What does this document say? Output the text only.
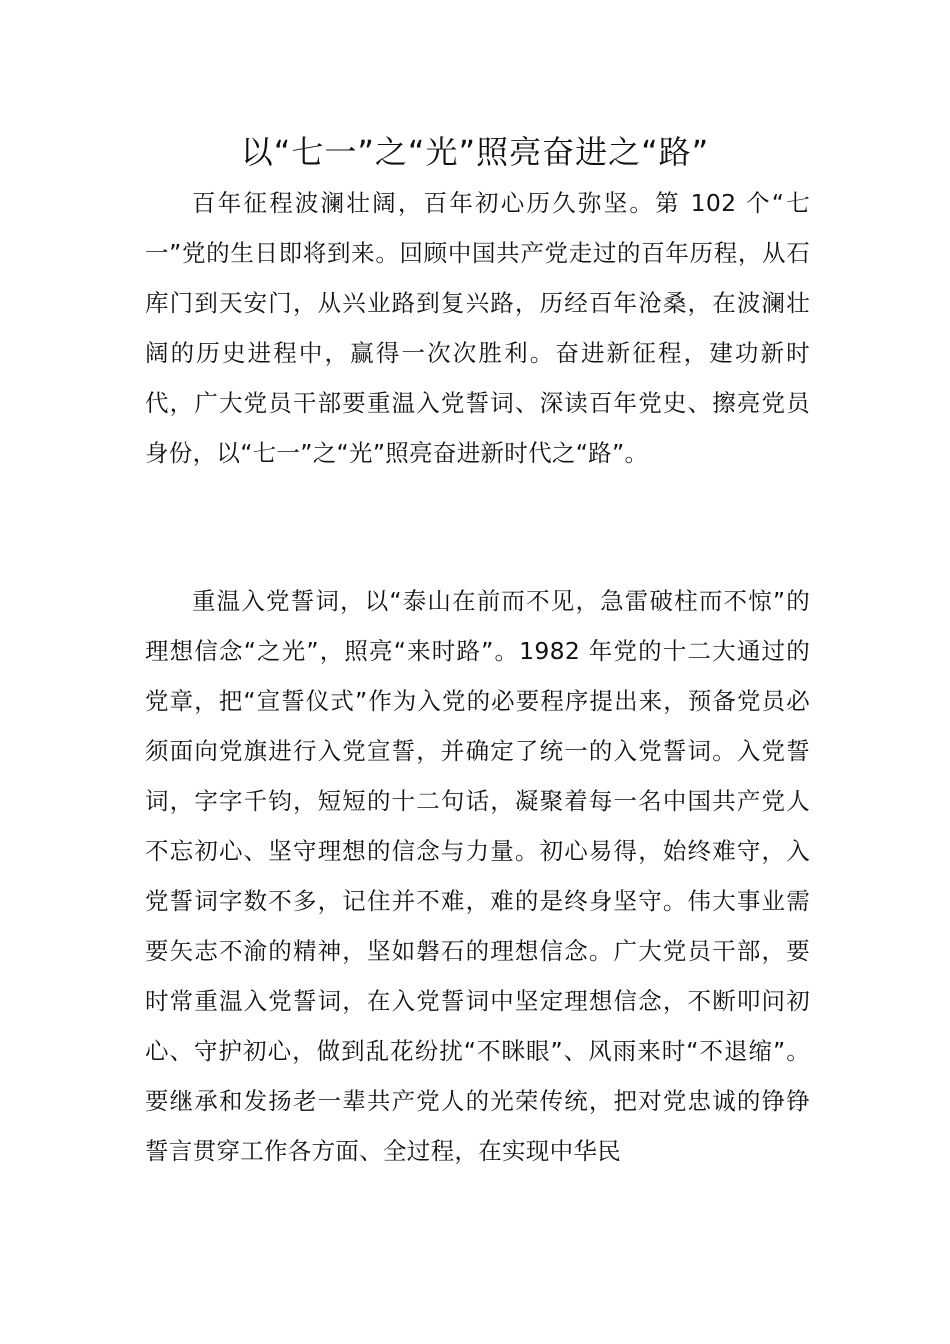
以“七一”之“光”照亮奋进之“路”

百年征程波澜壮阔，百年初心历久弥坚。第 102 个“七一”党的生日即将到来。回顾中国共产党走过的百年历程，从石库门到天安门，从兴业路到复兴路，历经百年沧桑，在波澜壮阔的历史进程中，赢得一次次胜利。奋进新征程，建功新时代，广大党员干部要重温入党誓词、深读百年党史、擦亮党员身份，以“七一”之“光”照亮奋进新时代之“路”。

重温入党誓词，以“泰山在前而不见，急雷破柱而不惊”的理想信念“之光”，照亮“来时路”。1982 年党的十二大通过的党章，把“宣誓仪式”作为入党的必要程序提出来，预备党员必须面向党旗进行入党宣誓，并确定了统一的入党誓词。入党誓词，字字千钧，短短的十二句话，凝聚着每一名中国共产党人不忘初心、坚守理想的信念与力量。初心易得，始终难守，入党誓词字数不多，记住并不难，难的是终身坚守。伟大事业需要矢志不渝的精神，坚如磐石的理想信念。广大党员干部，要时常重温入党誓词，在入党誓词中坚定理想信念，不断叩问初心、守护初心，做到乱花纷扰“不眯眼”、风雨来时“不退缩”。要继承和发扬老一辈共产党人的光荣传统，把对党忠诚的铮铮誓言贯穿工作各方面、全过程，在实现中华民
